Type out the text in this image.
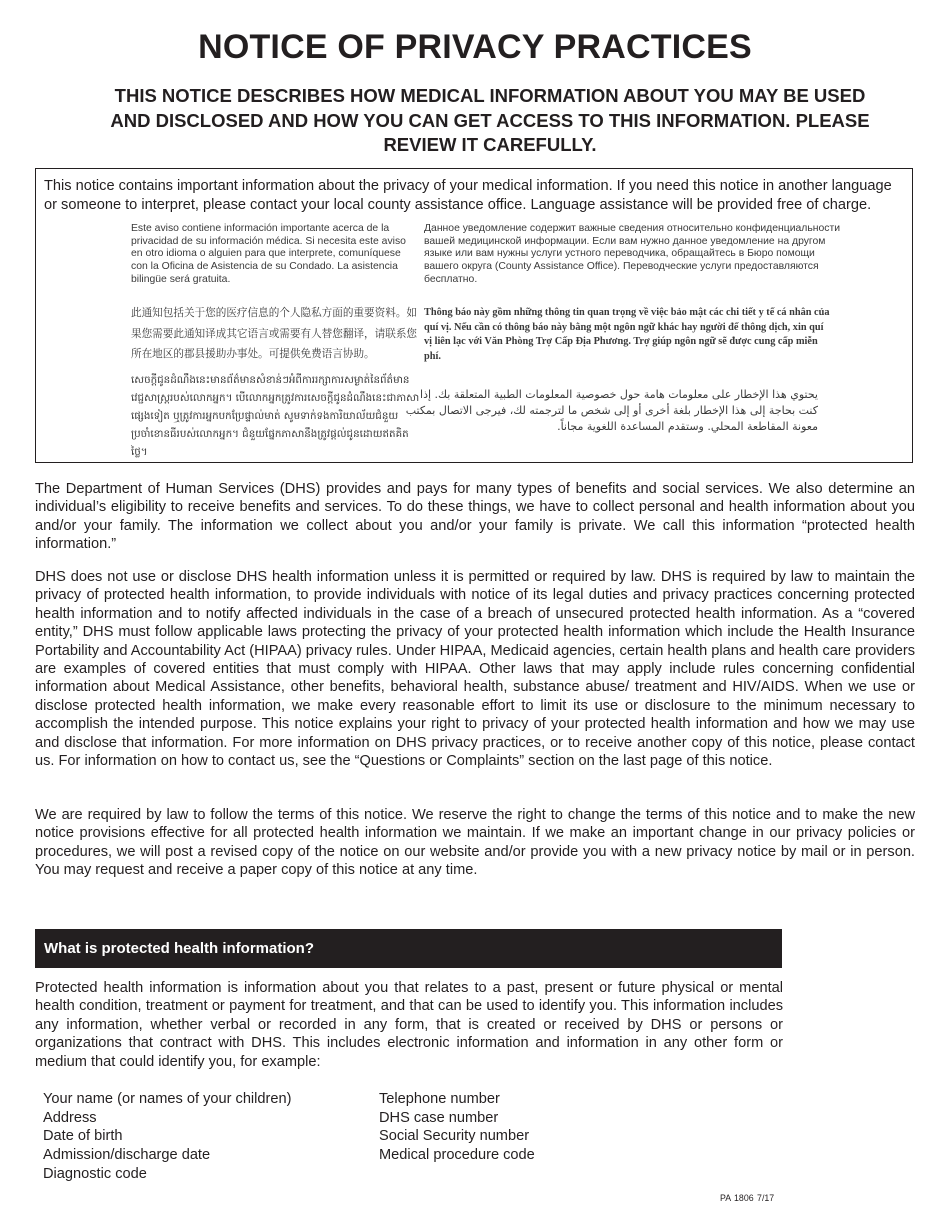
NOTICE OF PRIVACY PRACTICES
THIS NOTICE DESCRIBES HOW MEDICAL INFORMATION ABOUT YOU MAY BE USED AND DISCLOSED AND HOW YOU CAN GET ACCESS TO THIS INFORMATION. PLEASE REVIEW IT CAREFULLY.

This notice contains important information about the privacy of your medical information. If you need this notice in another language or someone to interpret, please contact your local county assistance office. Language assistance will be provided free of charge.

Este aviso contiene información importante acerca de la privacidad de su información médica. Si necesita este aviso en otro idioma o alguien para que interprete, comuníquese con la Oficina de Asistencia de su Condado. La asistencia bilingüe será gratuita.

Данное уведомление содержит важные сведения относительно конфиденциальности вашей медицинской информации. Если вам нужно данное уведомление на другом языке или вам нужны услуги устного переводчика, обращайтесь в Бюро помощи вашего округа (County Assistance Office). Переводческие услуги предоставляются бесплатно.

此通知包括关于您的医疗信息的个人隐私方面的重要资料。如果您需要此通知译成其它语言或需要有人替您翻译，请联系您所在地区的郡县援助办事处。可提供免费语言协助。

Thông báo này gồm những thông tin quan trọng về việc bảo mật các chi tiết y tế cá nhân của quí vị. Nếu cần có thông báo này bằng một ngôn ngữ khác hay người để thông dịch, xin quí vị liên lạc với Văn Phòng Trợ Cấp Địa Phương. Trợ giúp ngôn ngữ sẽ được cung cấp miễn phí.

សេចក្តីជូនដំណឹងនេះមានព័ត៌មានសំខាន់ៗអំពីការរក្សាការសម្ងាត់នៃព័ត៌មានវេជ្ជសាស្ត្ររបស់លោកអ្នក។ បើលោកអ្នកត្រូវការសេចក្តីជូនដំណឹងនេះជាភាសាផ្សេងទៀត ឬត្រូវការអ្នកបកប្រែផ្ទាល់មាត់ សូមទាក់ទងការិយាល័យជំនួយប្រចាំខោនធីរបស់លោកអ្នក។ ជំនួយផ្នែកភាសានឹងត្រូវផ្តល់ជូនដោយឥតគិតថ្លៃ។

يحتوي هذا الإخطار على معلومات هامة حول خصوصية المعلومات الطبية المتعلقة بك. إذا كنت بحاجة إلى هذا الإخطار بلغة أخرى أو إلى شخص ما لترجمته لك، فيرجى الاتصال بمكتب معونة المقاطعة المحلي. وستقدم المساعدة اللغوية مجاناً.

The Department of Human Services (DHS) provides and pays for many types of benefits and social services. We also determine an individual’s eligibility to receive benefits and services. To do these things, we have to collect personal and health information about you and/or your family. The information we collect about you and/or your family is private. We call this information “protected health information.”

DHS does not use or disclose DHS health information unless it is permitted or required by law. DHS is required by law to maintain the privacy of protected health information, to provide individuals with notice of its legal duties and privacy practices concerning protected health information and to notify affected individuals in the case of a breach of unsecured protected health information. As a “covered entity,” DHS must follow applicable laws protecting the privacy of your protected health information which include the Health Insurance Portability and Accountability Act (HIPAA) privacy rules. Under HIPAA, Medicaid agencies, certain health plans and health care providers are examples of covered entities that must comply with HIPAA. Other laws that may apply include rules concerning confidential information about Medical Assistance, other benefits, behavioral health, substance abuse/ treatment and HIV/AIDS. When we use or disclose protected health information, we make every reasonable effort to limit its use or disclosure to the minimum necessary to accomplish the intended purpose. This notice explains your right to privacy of your protected health information and how we may use and disclose that information. For more information on DHS privacy practices, or to receive another copy of this notice, please contact us. For information on how to contact us, see the “Questions or Complaints” section on the last page of this notice.

We are required by law to follow the terms of this notice. We reserve the right to change the terms of this notice and to make the new notice provisions effective for all protected health information we maintain. If we make an important change in our privacy policies or procedures, we will post a revised copy of the notice on our website and/or provide you with a new privacy notice by mail or in person. You may request and receive a paper copy of this notice at any time.

What is protected health information?

Protected health information is information about you that relates to a past, present or future physical or mental health condition, treatment or payment for treatment, and that can be used to identify you. This information includes any information, whether verbal or recorded in any form, that is created or received by DHS or persons or organizations that contract with DHS. This includes electronic information and information in any other form or medium that could identify you, for example:

Your name (or names of your children)
Address
Date of birth
Admission/discharge date
Diagnostic code
Telephone number
DHS case number
Social Security number
Medical procedure code

PA 1806 7/17
